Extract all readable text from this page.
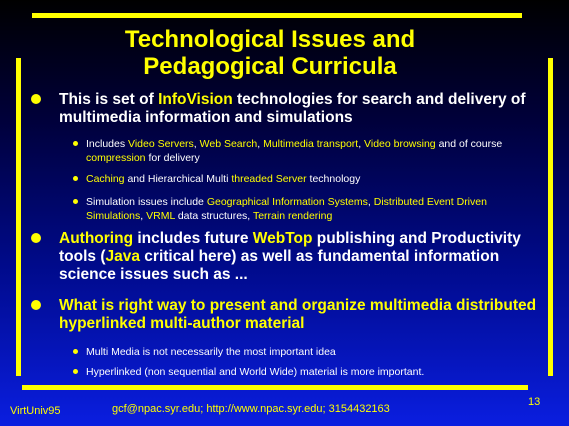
Technological Issues and
Pedagogical Curricula
This is set of InfoVision technologies for search and delivery of multimedia information and simulations
Includes Video Servers, Web Search, Multimedia transport, Video browsing and of course compression for delivery
Caching and Hierarchical Multi threaded Server technology
Simulation issues include Geographical Information Systems, Distributed Event Driven Simulations, VRML data structures, Terrain rendering
Authoring includes future WebTop publishing and Productivity tools (Java critical here) as well as fundamental information science issues such as ...
What is right way to present and organize multimedia distributed hyperlinked multi-author material
Multi Media is not necessarily the most important idea
Hyperlinked (non sequential and World Wide) material is more important.
VirtUniv95	gcf@npac.syr.edu; http://www.npac.syr.edu; 3154432163
13
